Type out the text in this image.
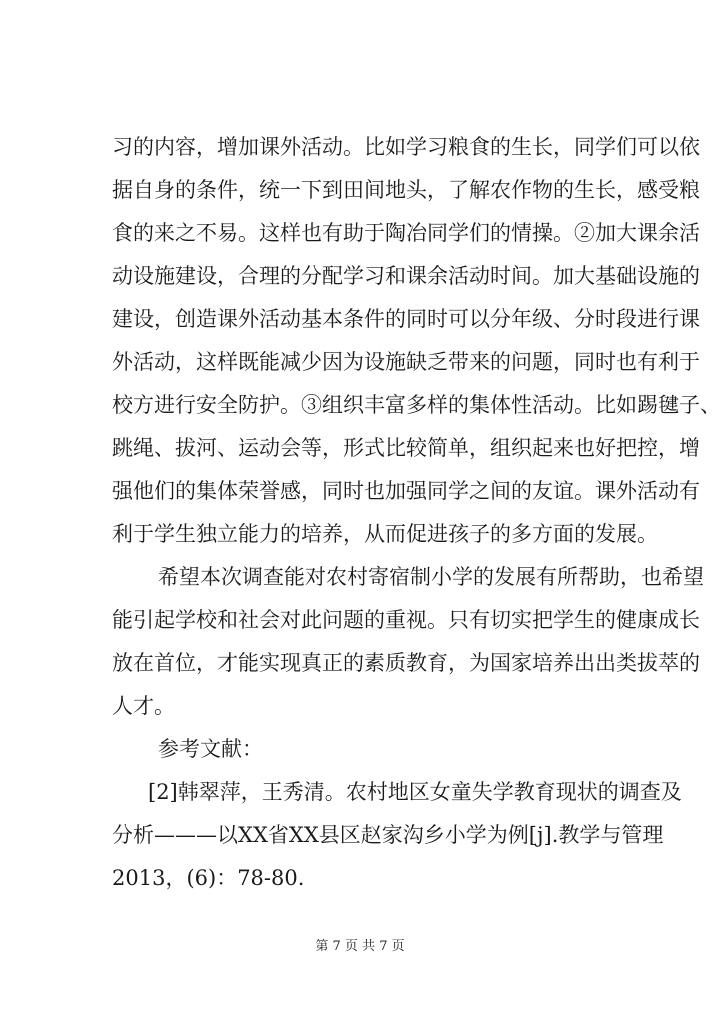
习的内容，增加课外活动。比如学习粮食的生长，同学们可以依
据自身的条件，统一下到田间地头，了解农作物的生长，感受粮
食的来之不易。这样也有助于陶冶同学们的情操。②加大课余活
动设施建设，合理的分配学习和课余活动时间。加大基础设施的
建设，创造课外活动基本条件的同时可以分年级、分时段进行课
外活动，这样既能减少因为设施缺乏带来的问题，同时也有利于
校方进行安全防护。③组织丰富多样的集体性活动。比如踢毽子、
跳绳、拔河、运动会等，形式比较简单，组织起来也好把控，增
强他们的集体荣誉感，同时也加强同学之间的友谊。课外活动有
利于学生独立能力的培养，从而促进孩子的多方面的发展。
希望本次调查能对农村寄宿制小学的发展有所帮助，也希望
能引起学校和社会对此问题的重视。只有切实把学生的健康成长
放在首位，才能实现真正的素质教育，为国家培养出出类拔萃的
人才。
参考文献：
[2]韩翠萍，王秀清。农村地区女童失学教育现状的调查及
分析———以XX省XX县区赵家沟乡小学为例[j].教学与管理
2013，(6)：78-80.
第 7 页 共 7 页
